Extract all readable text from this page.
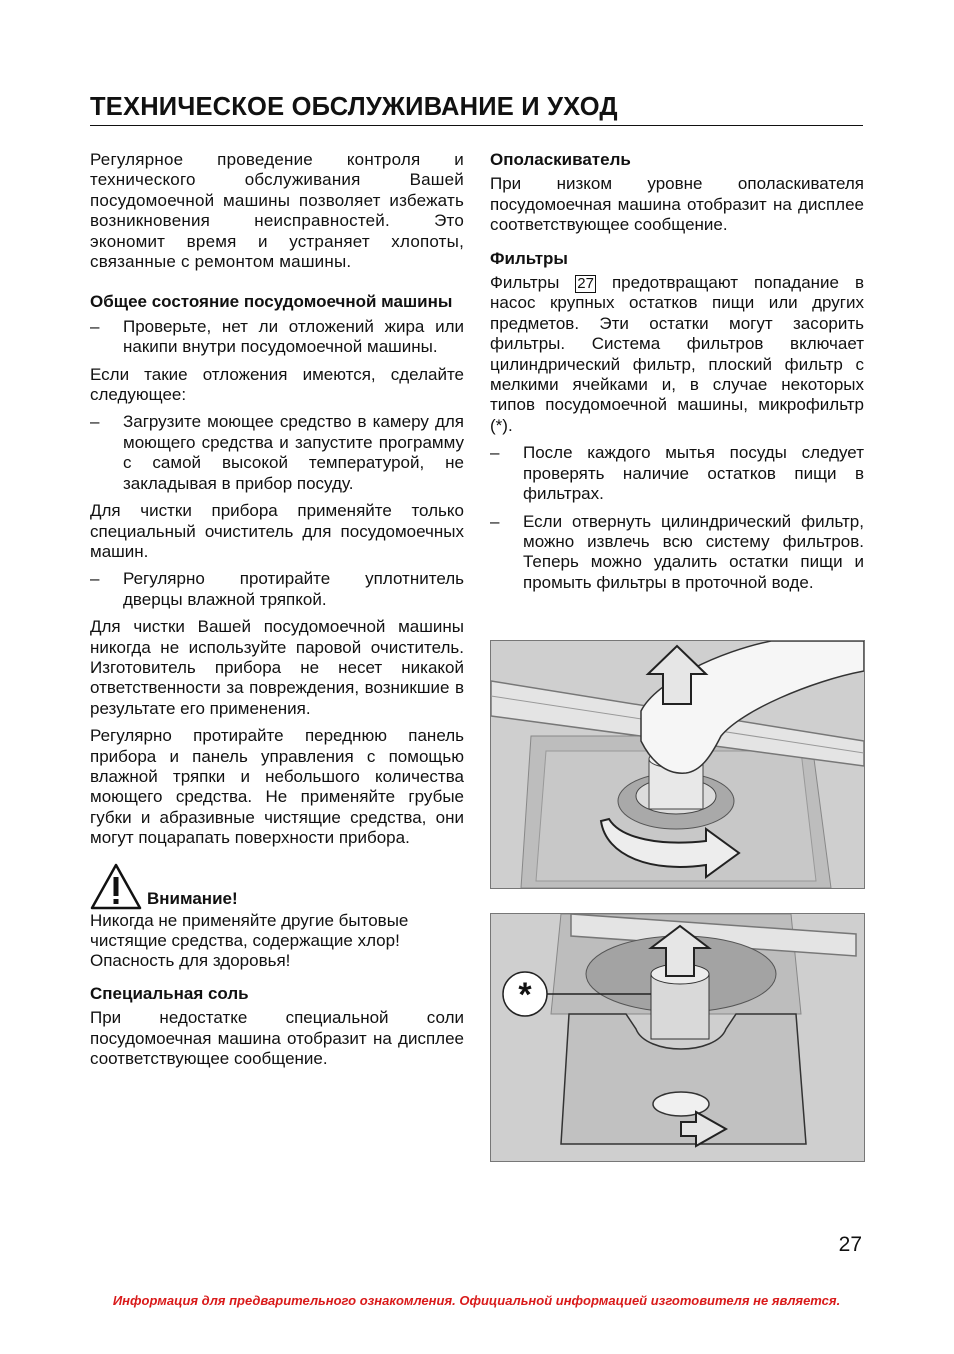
ТЕХНИЧЕСКОЕ ОБСЛУЖИВАНИЕ И УХОД

Регулярное проведение контроля и технического обслуживания Вашей посудомоечной машины позволяет избежать возникновения неисправностей. Это экономит время и устраняет хлопоты, связанные с ремонтом машины.

Общее состояние посудомоечной машины
–	Проверьте, нет ли отложений жира или накипи внутри посудомоечной машины.

Если такие отложения имеются, сделайте следующее:

–	Загрузите моющее средство в камеру для моющего средства и запустите программу с самой высокой температурой, не закладывая в прибор посуду.

Для чистки прибора применяйте только специальный очиститель для посудомоечных машин.

–	Регулярно протирайте уплотнитель дверцы влажной тряпкой.

Для чистки Вашей посудомоечной машины никогда не используйте паровой очиститель. Изготовитель прибора не несет никакой ответственности за повреждения, возникшие в результате его применения.

Регулярно протирайте переднюю панель прибора и панель управления с помощью влажной тряпки и небольшого количества моющего средства. Не применяйте грубые губки и абразивные чистящие средства, они могут поцарапать поверхности прибора.

Внимание!

Никогда не применяйте другие бытовые чистящие средства, содержащие хлор! Опасность для здоровья!

Специальная соль

При недостатке специальной соли посудомоечная машина отобразит на дисплее соответствующее сообщение.

Ополаскиватель

При низком уровне ополаскивателя посудомоечная машина отобразит на дисплее соответствующее сообщение.

Фильтры

Фильтры 27 предотвращают попадание в насос крупных остатков пищи или других предметов. Эти остатки могут засорить фильтры. Система фильтров включает цилиндрический фильтр, плоский фильтр с мелкими ячейками и, в случае некоторых типов посудомоечной машины, микрофильтр (*).

–	После каждого мытья посуды следует проверять наличие остатков пищи в фильтрах.
–	Если отвернуть цилиндрический фильтр, можно извлечь всю систему фильтров. Теперь можно удалить остатки пищи и промыть фильтры в проточной воде.
*
27
Информация для предварительного ознакомления. Официальной информацией изготовителя не является.
